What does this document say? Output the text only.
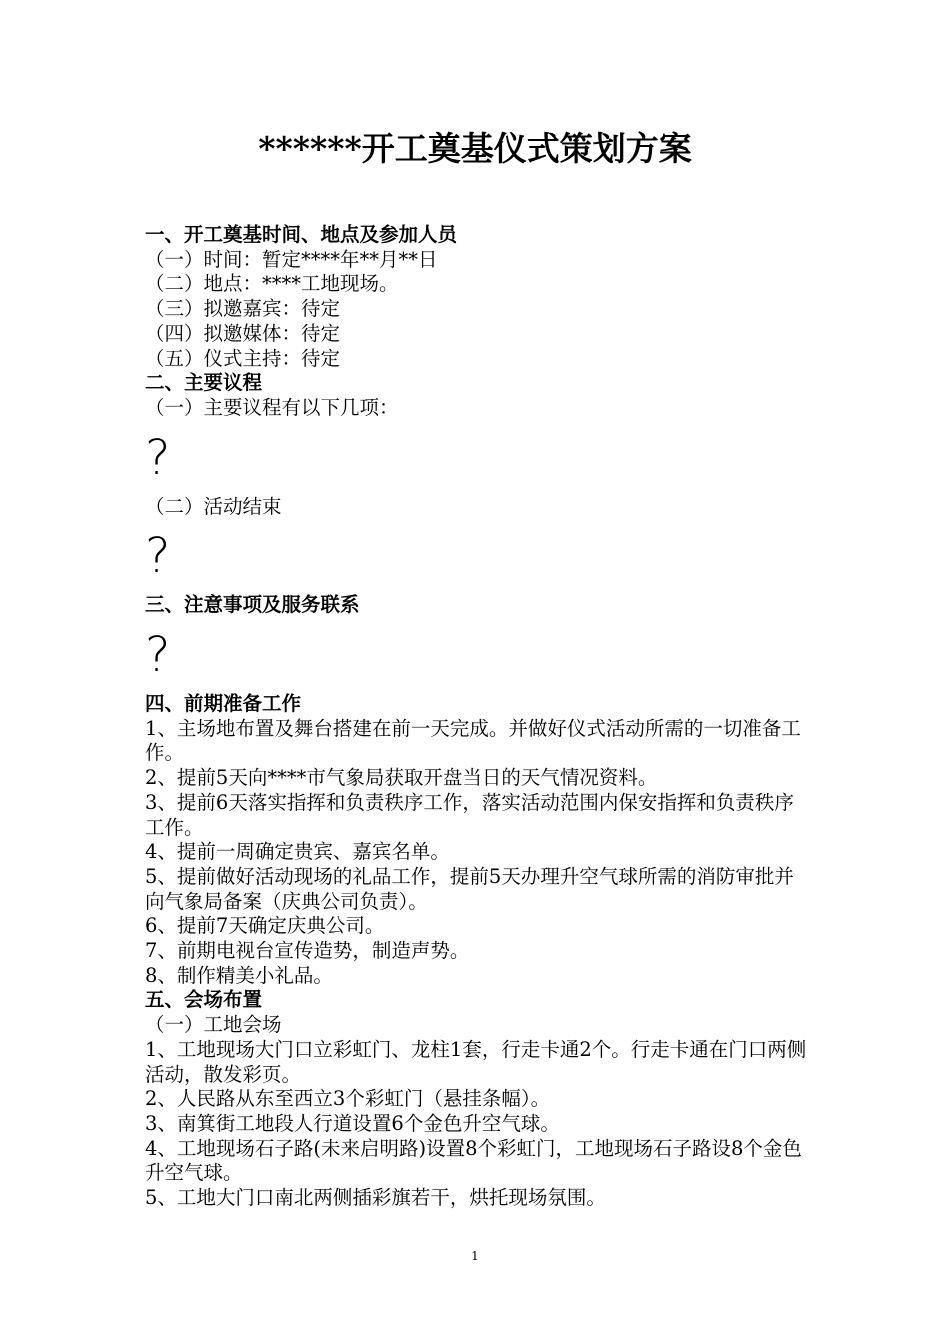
******开工奠基仪式策划方案

一、开工奠基时间、地点及参加人员

（一）时间：暂定****年**月**日

（二）地点：****工地现场。

（三）拟邀嘉宾：待定

（四）拟邀媒体：待定

（五）仪式主持：待定

二、主要议程

（一）主要议程有以下几项：

?

（二）活动结束

?

三、注意事项及服务联系

?

四、前期准备工作

1、主场地布置及舞台搭建在前一天完成。并做好仪式活动所需的一切准备工作。

2、提前5天向****市气象局获取开盘当日的天气情况资料。

3、提前6天落实指挥和负责秩序工作，落实活动范围内保安指挥和负责秩序工作。

4、提前一周确定贵宾、嘉宾名单。

5、提前做好活动现场的礼品工作，提前5天办理升空气球所需的消防审批并向气象局备案（庆典公司负责）。

6、提前7天确定庆典公司。

7、前期电视台宣传造势，制造声势。

8、制作精美小礼品。

五、会场布置

（一）工地会场

1、工地现场大门口立彩虹门、龙柱1套，行走卡通2个。行走卡通在门口两侧活动，散发彩页。

2、人民路从东至西立3个彩虹门（悬挂条幅）。

3、南箕街工地段人行道设置6个金色升空气球。

4、工地现场石子路(未来启明路)设置8个彩虹门，工地现场石子路设8个金色升空气球。

5、工地大门口南北两侧插彩旗若干，烘托现场氛围。

1
